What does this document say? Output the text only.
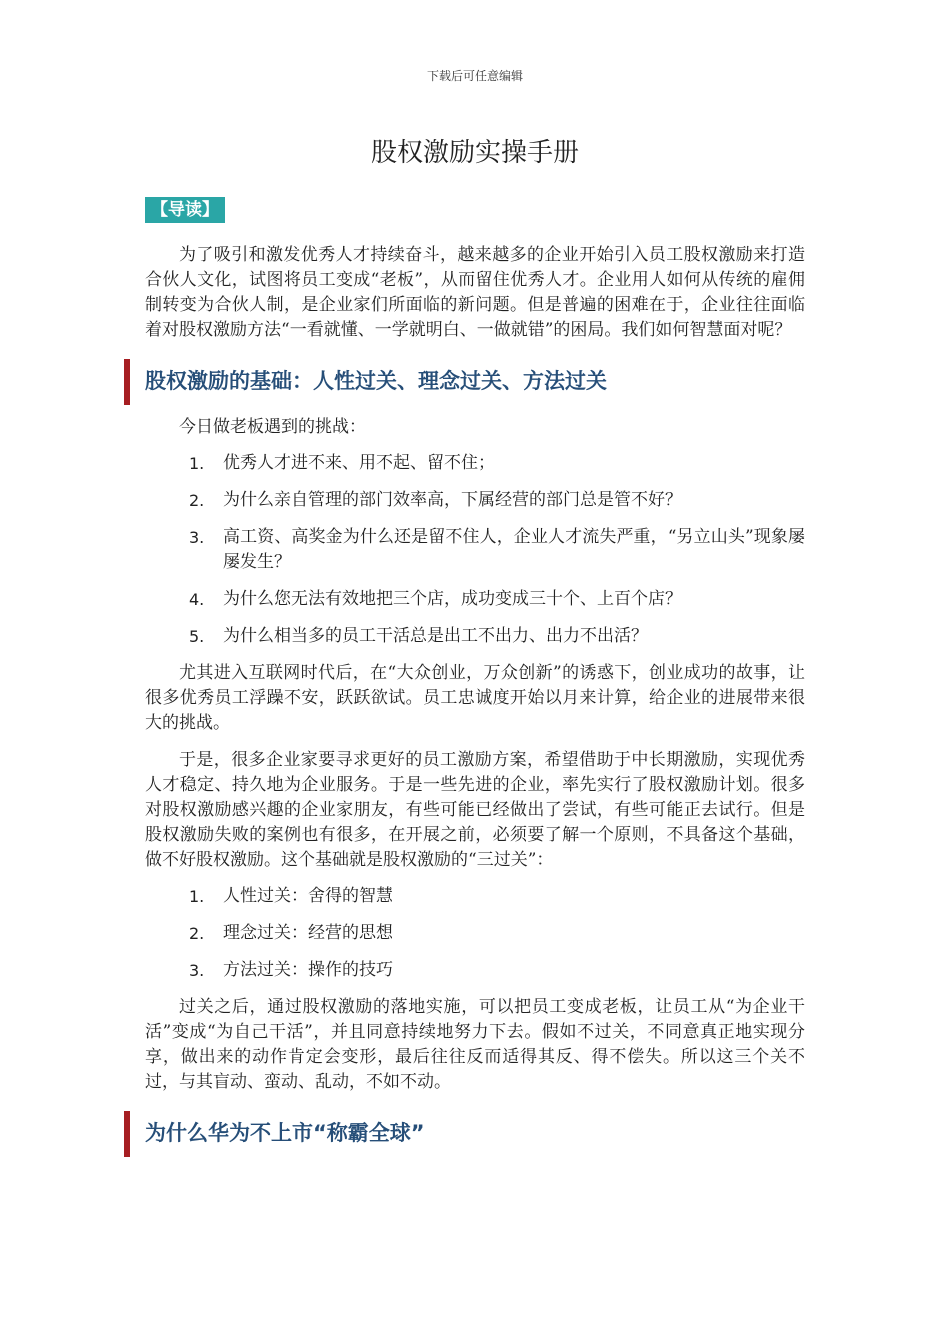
下载后可任意编辑
股权激励实操手册
【导读】

为了吸引和激发优秀人才持续奋斗，越来越多的企业开始引入员工股权激励来打造合伙人文化，试图将员工变成“老板”，从而留住优秀人才。企业用人如何从传统的雇佣制转变为合伙人制，是企业家们所面临的新问题。但是普遍的困难在于，企业往往面临着对股权激励方法“一看就懂、一学就明白、一做就错”的困局。我们如何智慧面对呢？

股权激励的基础：人性过关、理念过关、方法过关

今日做老板遇到的挑战：

1.	优秀人才进不来、用不起、留不住；
2.	为什么亲自管理的部门效率高，下属经营的部门总是管不好？
3.	高工资、高奖金为什么还是留不住人，企业人才流失严重，“另立山头”现象屡屡发生？
4.	为什么您无法有效地把三个店，成功变成三十个、上百个店？
5.	为什么相当多的员工干活总是出工不出力、出力不出活？

尤其进入互联网时代后，在“大众创业，万众创新”的诱惑下，创业成功的故事，让很多优秀员工浮躁不安，跃跃欲试。员工忠诚度开始以月来计算，给企业的进展带来很大的挑战。

于是，很多企业家要寻求更好的员工激励方案，希望借助于中长期激励，实现优秀人才稳定、持久地为企业服务。于是一些先进的企业，率先实行了股权激励计划。很多对股权激励感兴趣的企业家朋友，有些可能已经做出了尝试，有些可能正去试行。但是股权激励失败的案例也有很多，在开展之前，必须要了解一个原则，不具备这个基础，做不好股权激励。这个基础就是股权激励的“三过关”：

1.	人性过关：舍得的智慧
2.	理念过关：经营的思想
3.	方法过关：操作的技巧

过关之后，通过股权激励的落地实施，可以把员工变成老板，让员工从“为企业干活”变成“为自己干活”，并且同意持续地努力下去。假如不过关，不同意真正地实现分享，做出来的动作肯定会变形，最后往往反而适得其反、得不偿失。所以这三个关不过，与其盲动、蛮动、乱动，不如不动。

为什么华为不上市“称霸全球”
